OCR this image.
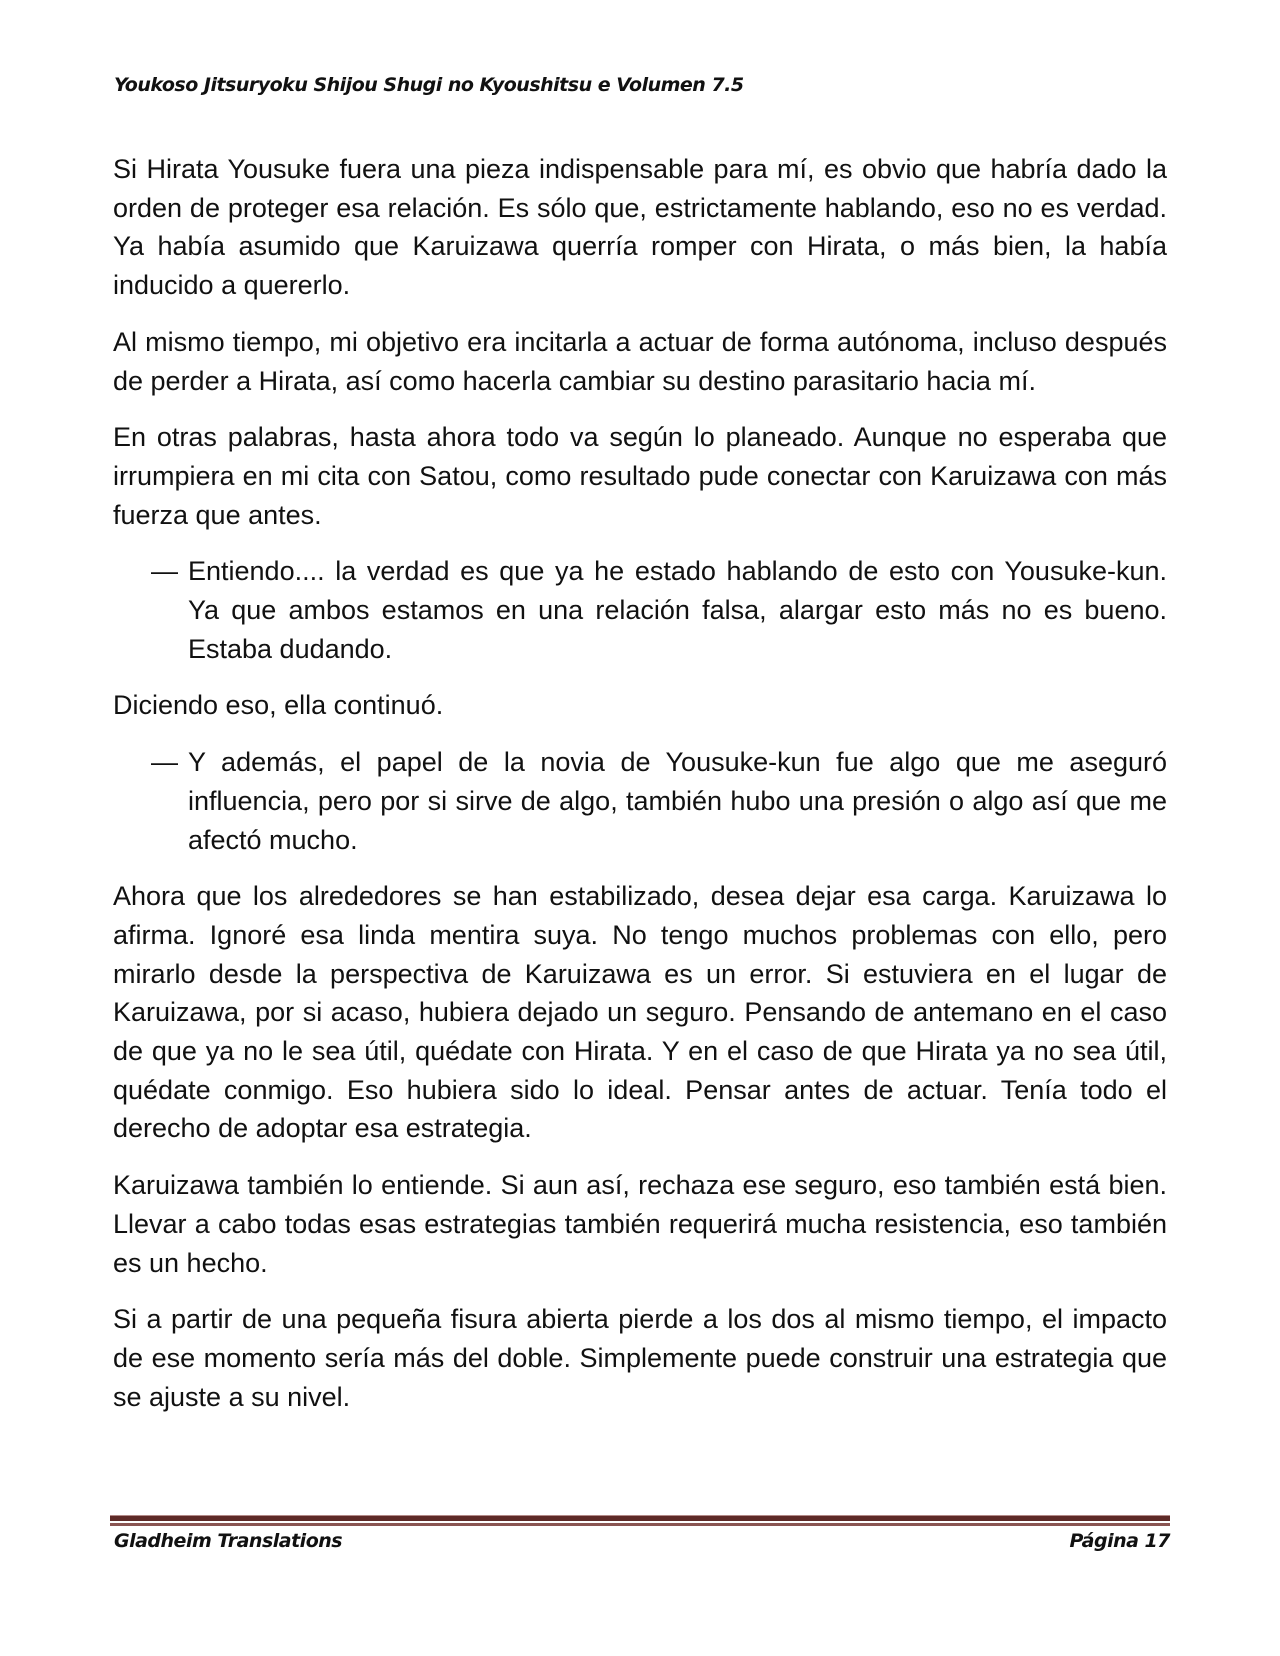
Youkoso Jitsuryoku Shijou Shugi no Kyoushitsu e Volumen 7.5

Si Hirata Yousuke fuera una pieza indispensable para mí, es obvio que habría dado la orden de proteger esa relación. Es sólo que, estrictamente hablando, eso no es verdad. Ya había asumido que Karuizawa querría romper con Hirata, o más bien, la había inducido a quererlo.

Al mismo tiempo, mi objetivo era incitarla a actuar de forma autónoma, incluso después de perder a Hirata, así como hacerla cambiar su destino parasitario hacia mí.

En otras palabras, hasta ahora todo va según lo planeado. Aunque no esperaba que irrumpiera en mi cita con Satou, como resultado pude conectar con Karuizawa con más fuerza que antes.

— Entiendo.... la verdad es que ya he estado hablando de esto con Yousuke-kun. Ya que ambos estamos en una relación falsa, alargar esto más no es bueno. Estaba dudando.

Diciendo eso, ella continuó.

— Y además, el papel de la novia de Yousuke-kun fue algo que me aseguró influencia, pero por si sirve de algo, también hubo una presión o algo así que me afectó mucho.

Ahora que los alrededores se han estabilizado, desea dejar esa carga. Karuizawa lo afirma. Ignoré esa linda mentira suya. No tengo muchos problemas con ello, pero mirarlo desde la perspectiva de Karuizawa es un error. Si estuviera en el lugar de Karuizawa, por si acaso, hubiera dejado un seguro. Pensando de antemano en el caso de que ya no le sea útil, quédate con Hirata. Y en el caso de que Hirata ya no sea útil, quédate conmigo. Eso hubiera sido lo ideal. Pensar antes de actuar. Tenía todo el derecho de adoptar esa estrategia.

Karuizawa también lo entiende. Si aun así, rechaza ese seguro, eso también está bien. Llevar a cabo todas esas estrategias también requerirá mucha resistencia, eso también es un hecho.

Si a partir de una pequeña fisura abierta pierde a los dos al mismo tiempo, el impacto de ese momento sería más del doble. Simplemente puede construir una estrategia que se ajuste a su nivel.

Gladheim Translations	Página 17
